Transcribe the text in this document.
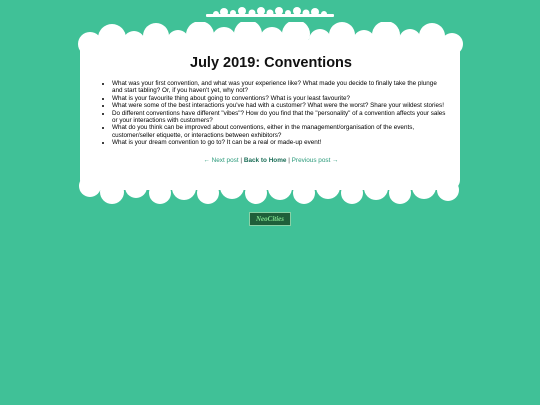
July 2019: Conventions
• What was your first convention, and what was your experience like? What made you decide to finally take the plunge and start tabling? Or, if you haven't yet, why not?
• What is your favourite thing about going to conventions? What is your least favourite?
• What were some of the best interactions you've had with a customer? What were the worst? Share your wildest stories!
• Do different conventions have different "vibes"? How do you find that the "personality" of a convention affects your sales or your interactions with customers?
• What do you think can be improved about conventions, either in the management/organisation of the events, customer/seller etiquette, or interactions between exhibitors?
• What is your dream convention to go to? It can be a real or made-up event!
← Next post | Back to Home | Previous post →
NeoCities
